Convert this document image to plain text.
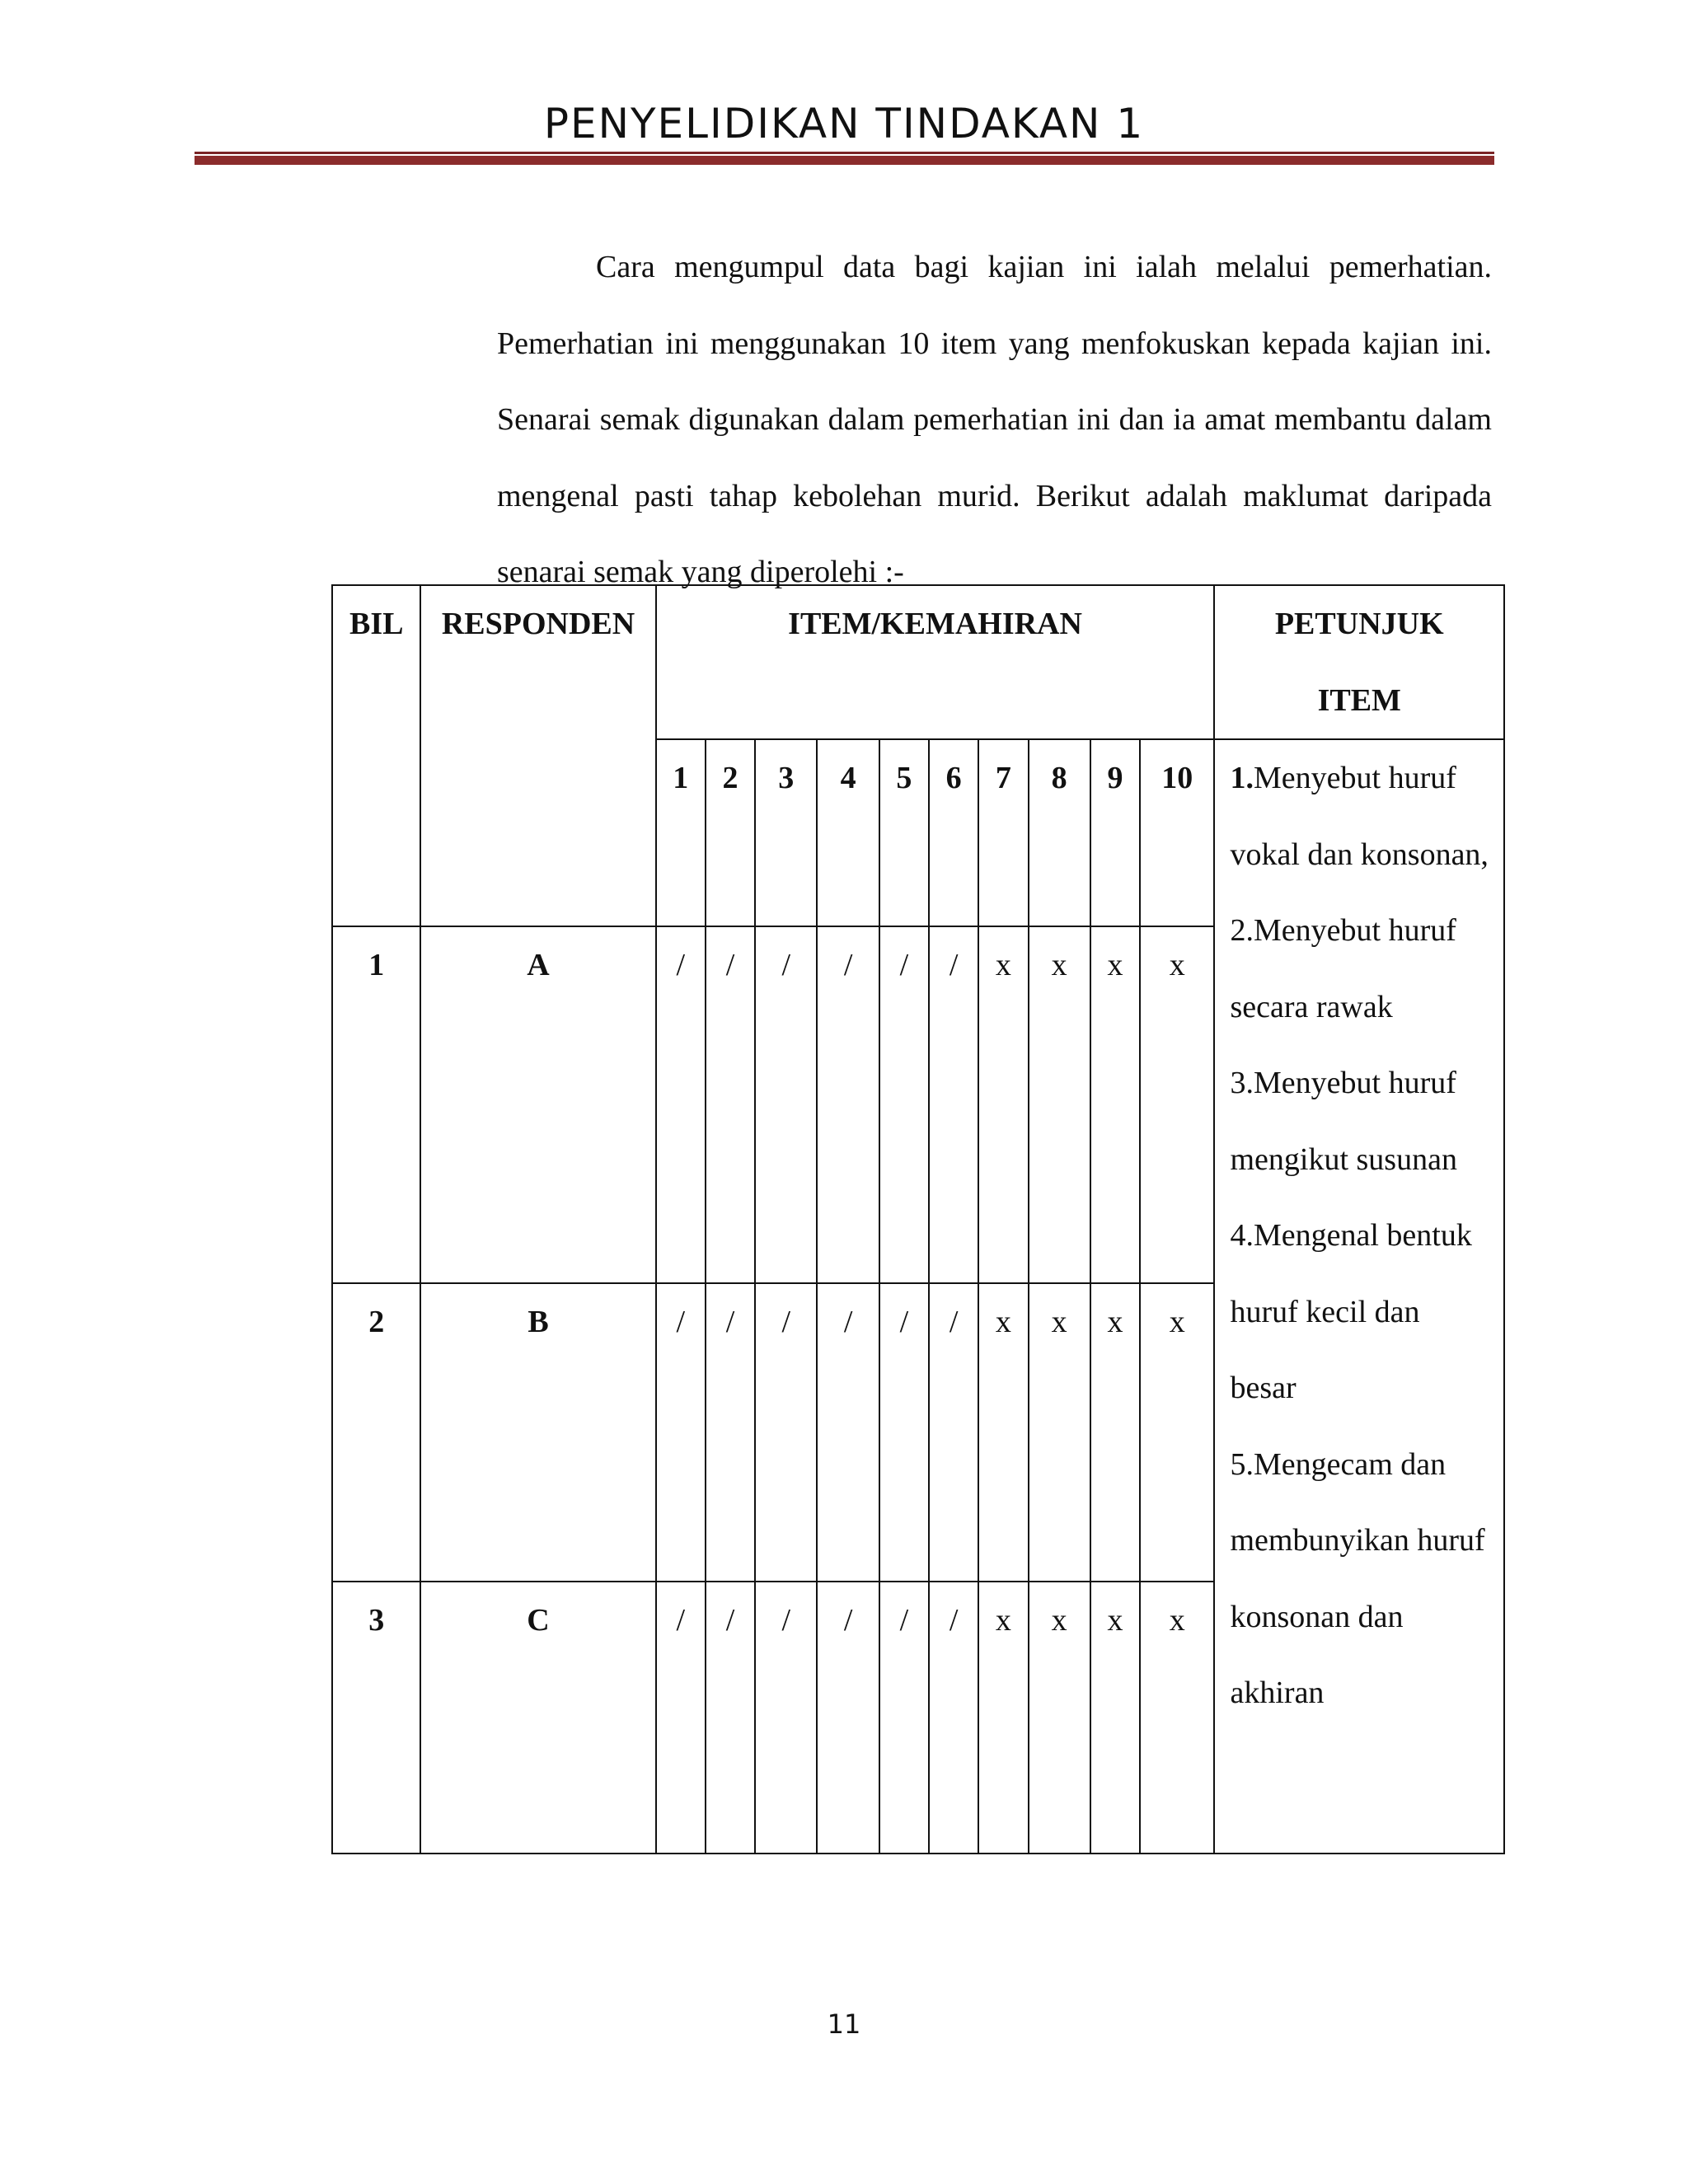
PENYELIDIKAN TINDAKAN 1

Cara mengumpul data bagi kajian ini ialah melalui pemerhatian. Pemerhatian ini menggunakan 10 item yang menfokuskan kepada kajian ini. Senarai semak digunakan dalam pemerhatian ini dan ia amat membantu dalam mengenal pasti tahap kebolehan murid. Berikut adalah maklumat daripada senarai semak yang diperolehi :-

BIL	RESPONDEN	ITEM/KEMAHIRAN										PETUNJUK ITEM
		1	2	3	4	5	6	7	8	9	10	1.Menyebut huruf vokal dan konsonan,
2.Menyebut huruf secara rawak
3.Menyebut huruf mengikut susunan
4.Mengenal bentuk huruf kecil dan besar
5.Mengecam dan membunyikan huruf konsonan dan akhiran

1	A	/	/	/	/	/	/	x	x	x	x	
2	B	/	/	/	/	/	/	x	x	x	x	
3	C	/	/	/	/	/	/	x	x	x	x	
11
